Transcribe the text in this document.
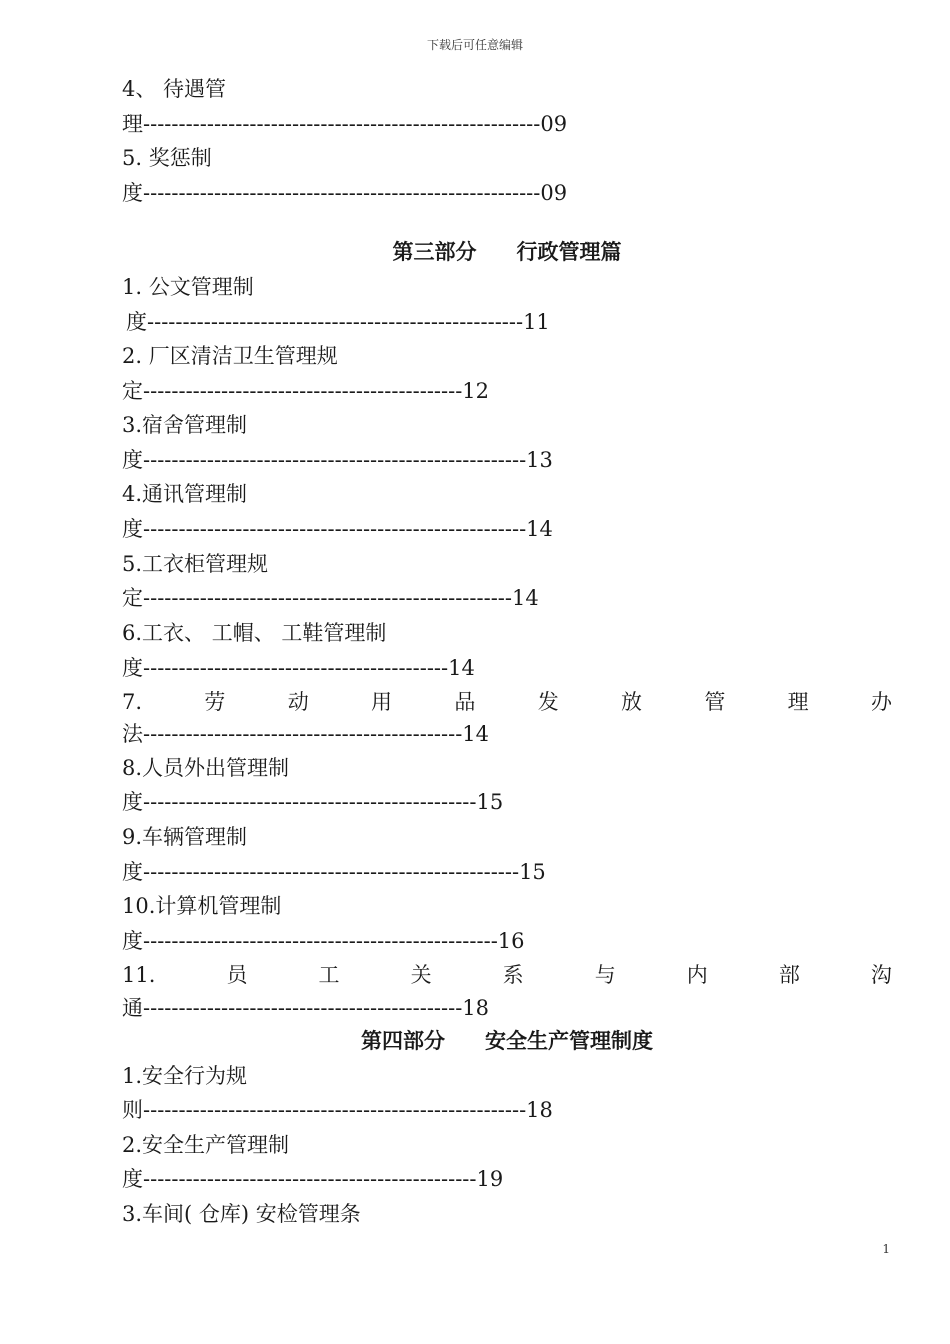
下载后可任意编辑
4、 待遇管
理--------------------------------------------------------09
5. 奖惩制
度--------------------------------------------------------09
第三部分 行政管理篇
1. 公文管理制
度-----------------------------------------------------11
2. 厂区清洁卫生管理规
定---------------------------------------------12
3.宿舍管理制
度------------------------------------------------------13
4.通讯管理制
度------------------------------------------------------14
5.工衣柜管理规
定----------------------------------------------------14
6.工衣、 工帽、 工鞋管理制
度-------------------------------------------14
7.	劳	动	用	品	发	放	管	理	办
法---------------------------------------------14
8.人员外出管理制
度-----------------------------------------------15
9.车辆管理制
度-----------------------------------------------------15
10.计算机管理制
度--------------------------------------------------16
11.	员	工	关	系	与	内	部	沟
通---------------------------------------------18
第四部分 安全生产管理制度
1.安全行为规
则------------------------------------------------------18
2.安全生产管理制
度-----------------------------------------------19
3.车间( 仓库) 安检管理条
1
